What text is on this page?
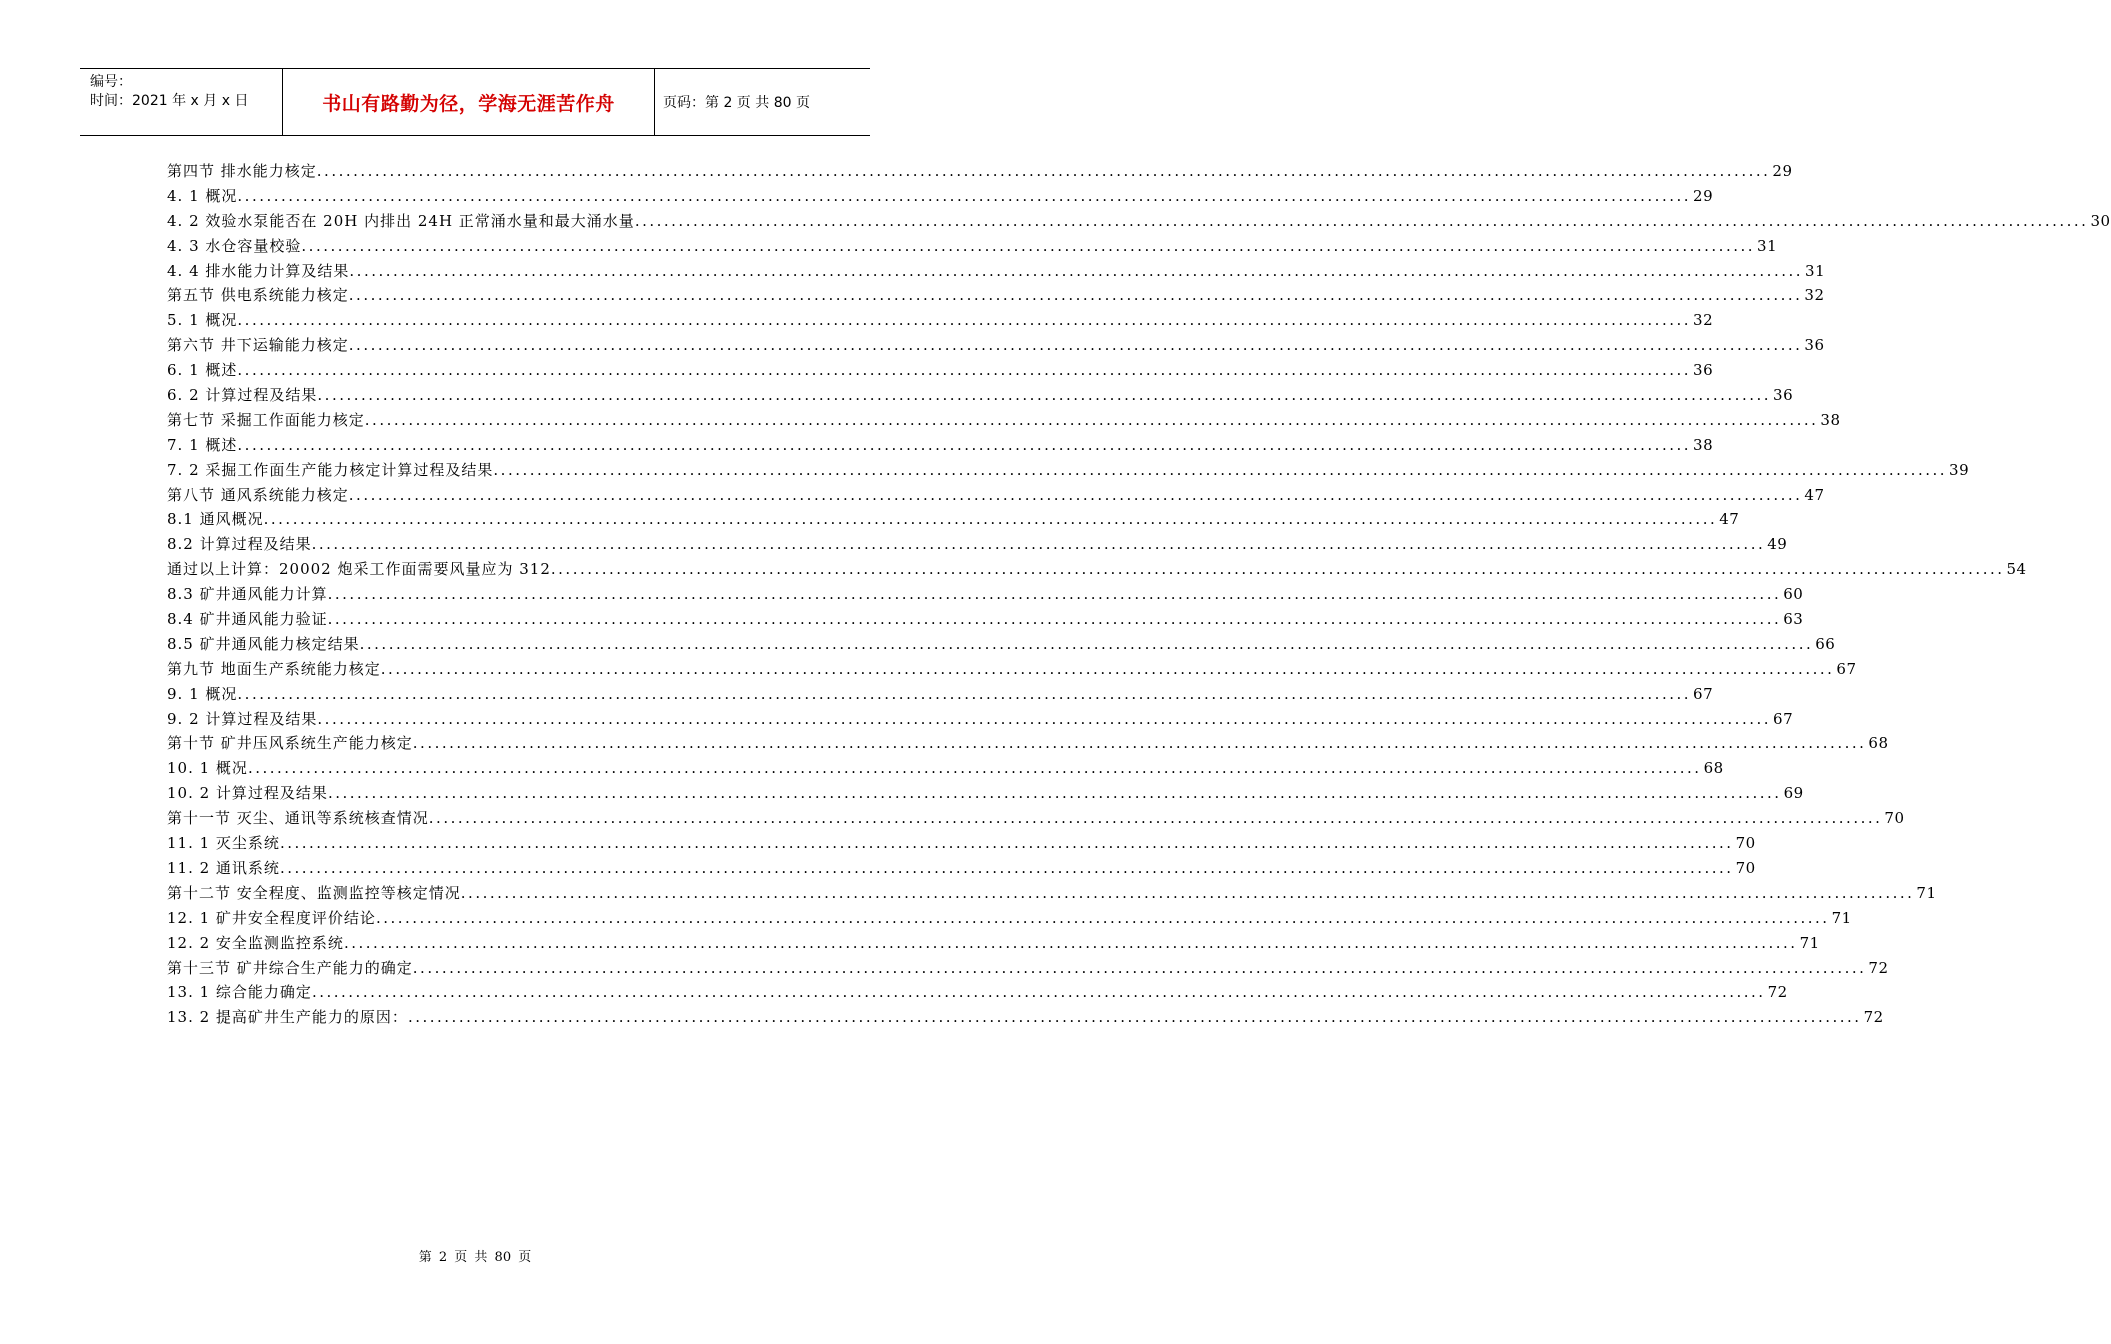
编号：
时间：2021 年 x 月 x 日	书山有路勤为径，学海无涯苦作舟	页码：第 2 页 共 80 页
第四节 排水能力核定 ........................................................................................................................................................................................................ 29
4. 1 概况 ........................................................................................................................................................................................................ 29
4. 2 效验水泵能否在 20H 内排出 24H 正常涌水量和最大涌水量 ........................................................................................................................................................................................................ 30
4. 3 水仓容量校验 ........................................................................................................................................................................................................ 31
4. 4 排水能力计算及结果 ........................................................................................................................................................................................................ 31
第五节 供电系统能力核定 ........................................................................................................................................................................................................ 32
5. 1 概况 ........................................................................................................................................................................................................ 32
第六节 井下运输能力核定 ........................................................................................................................................................................................................ 36
6. 1 概述 ........................................................................................................................................................................................................ 36
6. 2 计算过程及结果 ........................................................................................................................................................................................................ 36
第七节 采掘工作面能力核定 ........................................................................................................................................................................................................ 38
7. 1 概述 ........................................................................................................................................................................................................ 38
7. 2 采掘工作面生产能力核定计算过程及结果 ........................................................................................................................................................................................................ 39
第八节 通风系统能力核定 ........................................................................................................................................................................................................ 47
8.1 通风概况 ........................................................................................................................................................................................................ 47
8.2 计算过程及结果 ........................................................................................................................................................................................................ 49
通过以上计算：20002 炮采工作面需要风量应为 312 ........................................................................................................................................................................................................ 54
8.3 矿井通风能力计算 ........................................................................................................................................................................................................ 60
8.4 矿井通风能力验证 ........................................................................................................................................................................................................ 63
8.5 矿井通风能力核定结果 ........................................................................................................................................................................................................ 66
第九节 地面生产系统能力核定 ........................................................................................................................................................................................................ 67
9. 1 概况 ........................................................................................................................................................................................................ 67
9. 2 计算过程及结果 ........................................................................................................................................................................................................ 67
第十节 矿井压风系统生产能力核定 ........................................................................................................................................................................................................ 68
10. 1 概况 ........................................................................................................................................................................................................ 68
10. 2 计算过程及结果 ........................................................................................................................................................................................................ 69
第十一节 灭尘、通讯等系统核查情况 ........................................................................................................................................................................................................ 70
11. 1 灭尘系统 ........................................................................................................................................................................................................ 70
11. 2 通讯系统 ........................................................................................................................................................................................................ 70
第十二节 安全程度、监测监控等核定情况 ........................................................................................................................................................................................................ 71
12. 1 矿井安全程度评价结论 ........................................................................................................................................................................................................ 71
12. 2 安全监测监控系统 ........................................................................................................................................................................................................ 71
第十三节 矿井综合生产能力的确定 ........................................................................................................................................................................................................ 72
13. 1 综合能力确定 ........................................................................................................................................................................................................ 72
13. 2 提高矿井生产能力的原因： ........................................................................................................................................................................................................ 72
第 2 页 共 80 页
